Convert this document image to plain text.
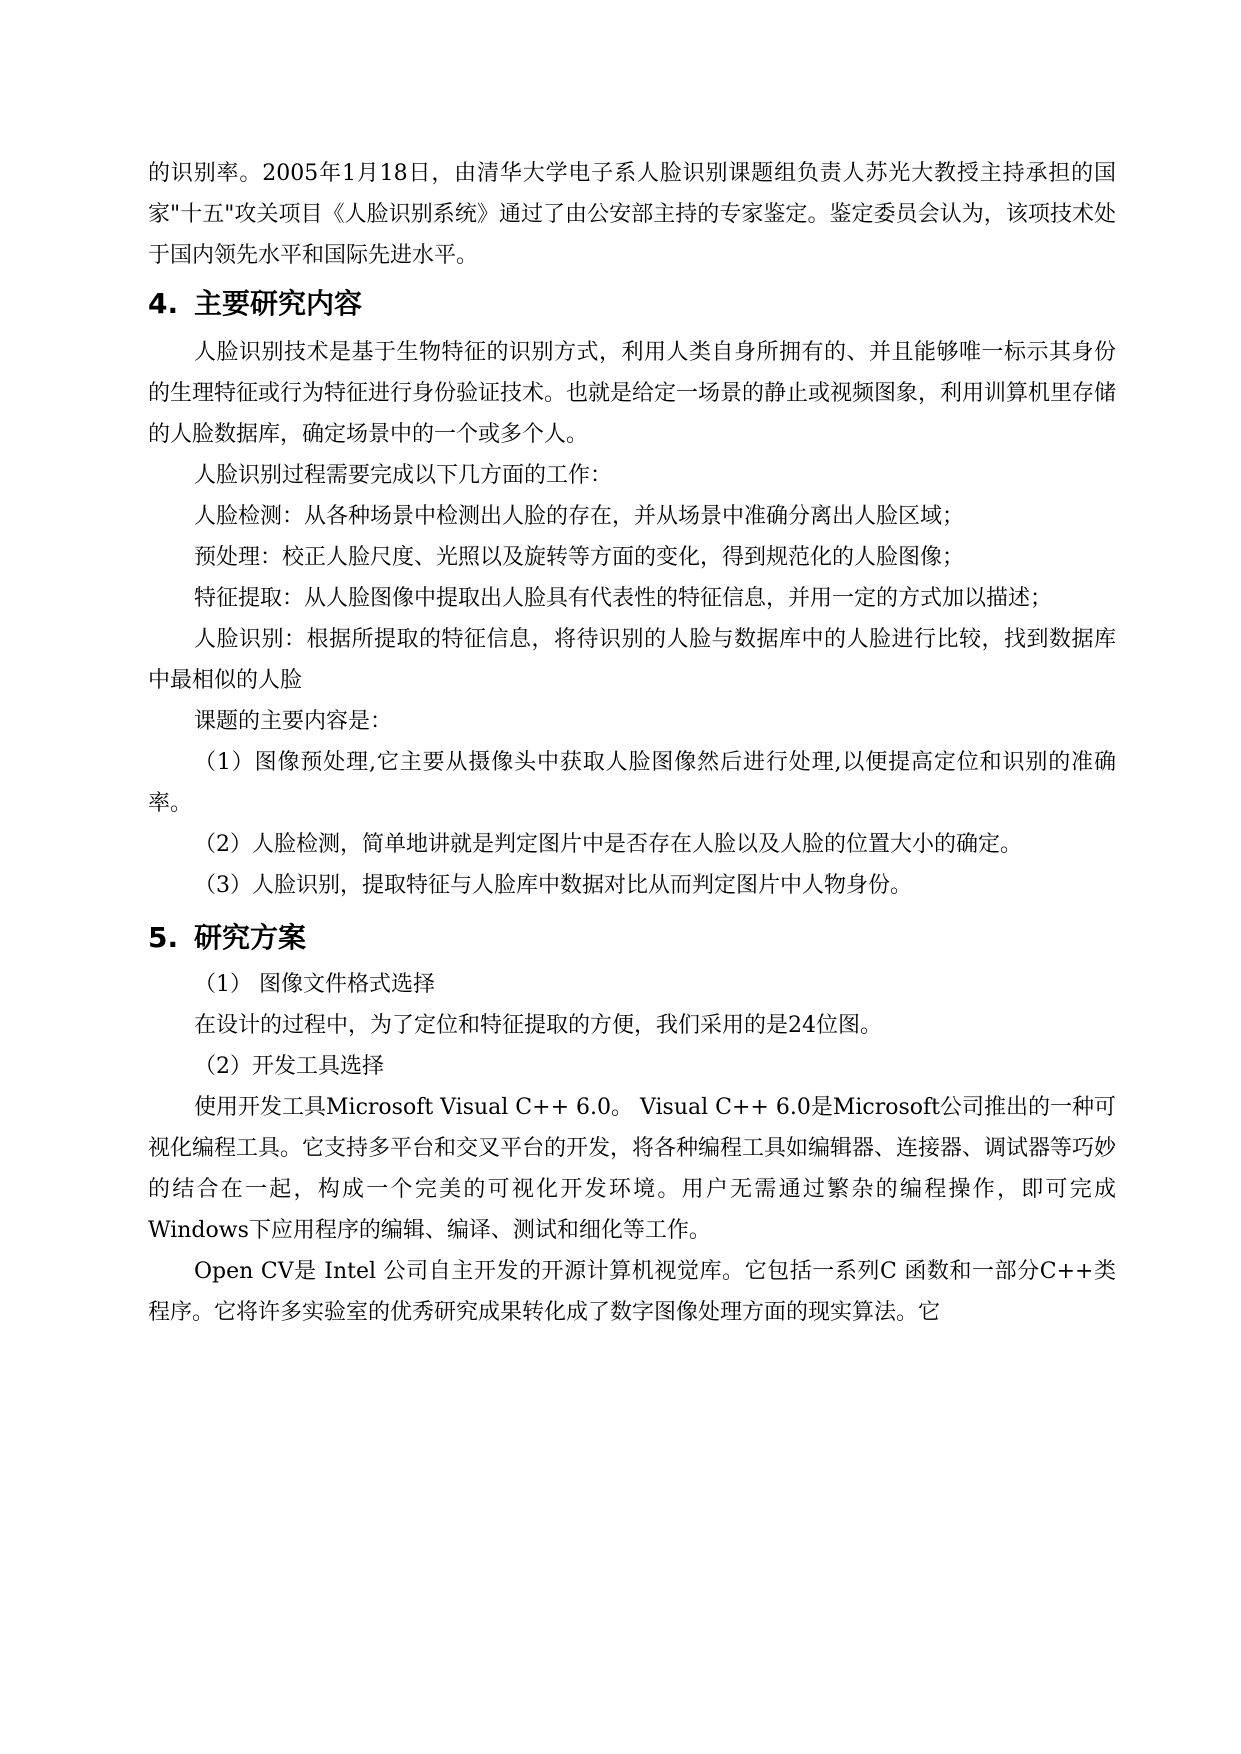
的识别率。2005年1月18日，由清华大学电子系人脸识别课题组负责人苏光大教授主持承担的国家"十五"攻关项目《人脸识别系统》通过了由公安部主持的专家鉴定。鉴定委员会认为，该项技术处于国内领先水平和国际先进水平。

4. 主要研究内容

人脸识别技术是基于生物特征的识别方式，利用人类自身所拥有的、并且能够唯一标示其身份的生理特征或行为特征进行身份验证技术。也就是给定一场景的静止或视频图象，利用训算机里存储的人脸数据库，确定场景中的一个或多个人。

人脸识别过程需要完成以下几方面的工作：

人脸检测：从各种场景中检测出人脸的存在，并从场景中准确分离出人脸区域；

预处理：校正人脸尺度、光照以及旋转等方面的变化，得到规范化的人脸图像；

特征提取：从人脸图像中提取出人脸具有代表性的特征信息，并用一定的方式加以描述；

人脸识别：根据所提取的特征信息，将待识别的人脸与数据库中的人脸进行比较，找到数据库中最相似的人脸

课题的主要内容是：

（1）图像预处理,它主要从摄像头中获取人脸图像然后进行处理,以便提高定位和识别的准确率。

（2）人脸检测，简单地讲就是判定图片中是否存在人脸以及人脸的位置大小的确定。

（3）人脸识别，提取特征与人脸库中数据对比从而判定图片中人物身份。

5. 研究方案

（1） 图像文件格式选择

在设计的过程中，为了定位和特征提取的方便，我们采用的是24位图。

（2）开发工具选择

使用开发工具Microsoft Visual C++ 6.0。 Visual C++ 6.0是Microsoft公司推出的一种可视化编程工具。它支持多平台和交叉平台的开发，将各种编程工具如编辑器、连接器、调试器等巧妙的结合在一起，构成一个完美的可视化开发环境。用户无需通过繁杂的编程操作，即可完成Windows下应用程序的编辑、编译、测试和细化等工作。

Open CV是 Intel 公司自主开发的开源计算机视觉库。它包括一系列C 函数和一部分C++类程序。它将许多实验室的优秀研究成果转化成了数字图像处理方面的现实算法。它
